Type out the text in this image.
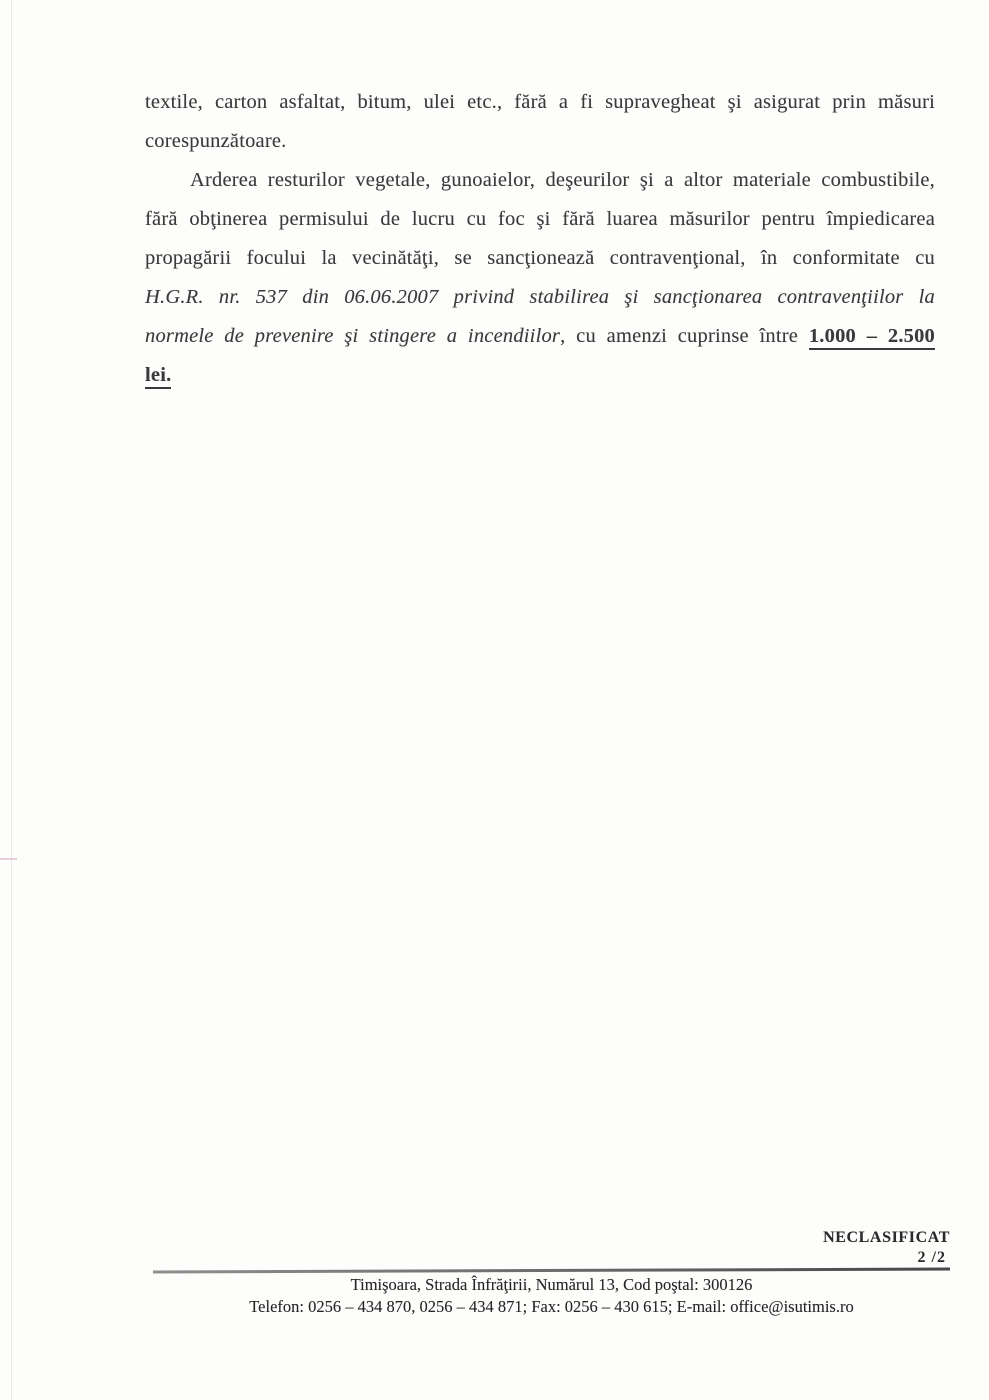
textile, carton asfaltat, bitum, ulei etc., fără a fi supravegheat şi asigurat prin măsuri
corespunzătoare.
Arderea resturilor vegetale, gunoaielor, deşeurilor şi a altor materiale combustibile,
fără obţinerea permisului de lucru cu foc şi fără luarea măsurilor pentru împiedicarea
propagării focului la vecinătăţi, se sancţionează contravenţional, în conformitate cu
H.G.R. nr. 537 din 06.06.2007 privind stabilirea şi sancţionarea contravenţiilor la
normele de prevenire şi stingere a incendiilor, cu amenzi cuprinse între 1.000 – 2.500
lei.
NECLASIFICAT
2 /2
Timişoara, Strada Înfrăţirii, Numărul 13, Cod poştal: 300126
Telefon: 0256 – 434 870, 0256 – 434 871; Fax: 0256 – 430 615; E-mail: office@isutimis.ro
